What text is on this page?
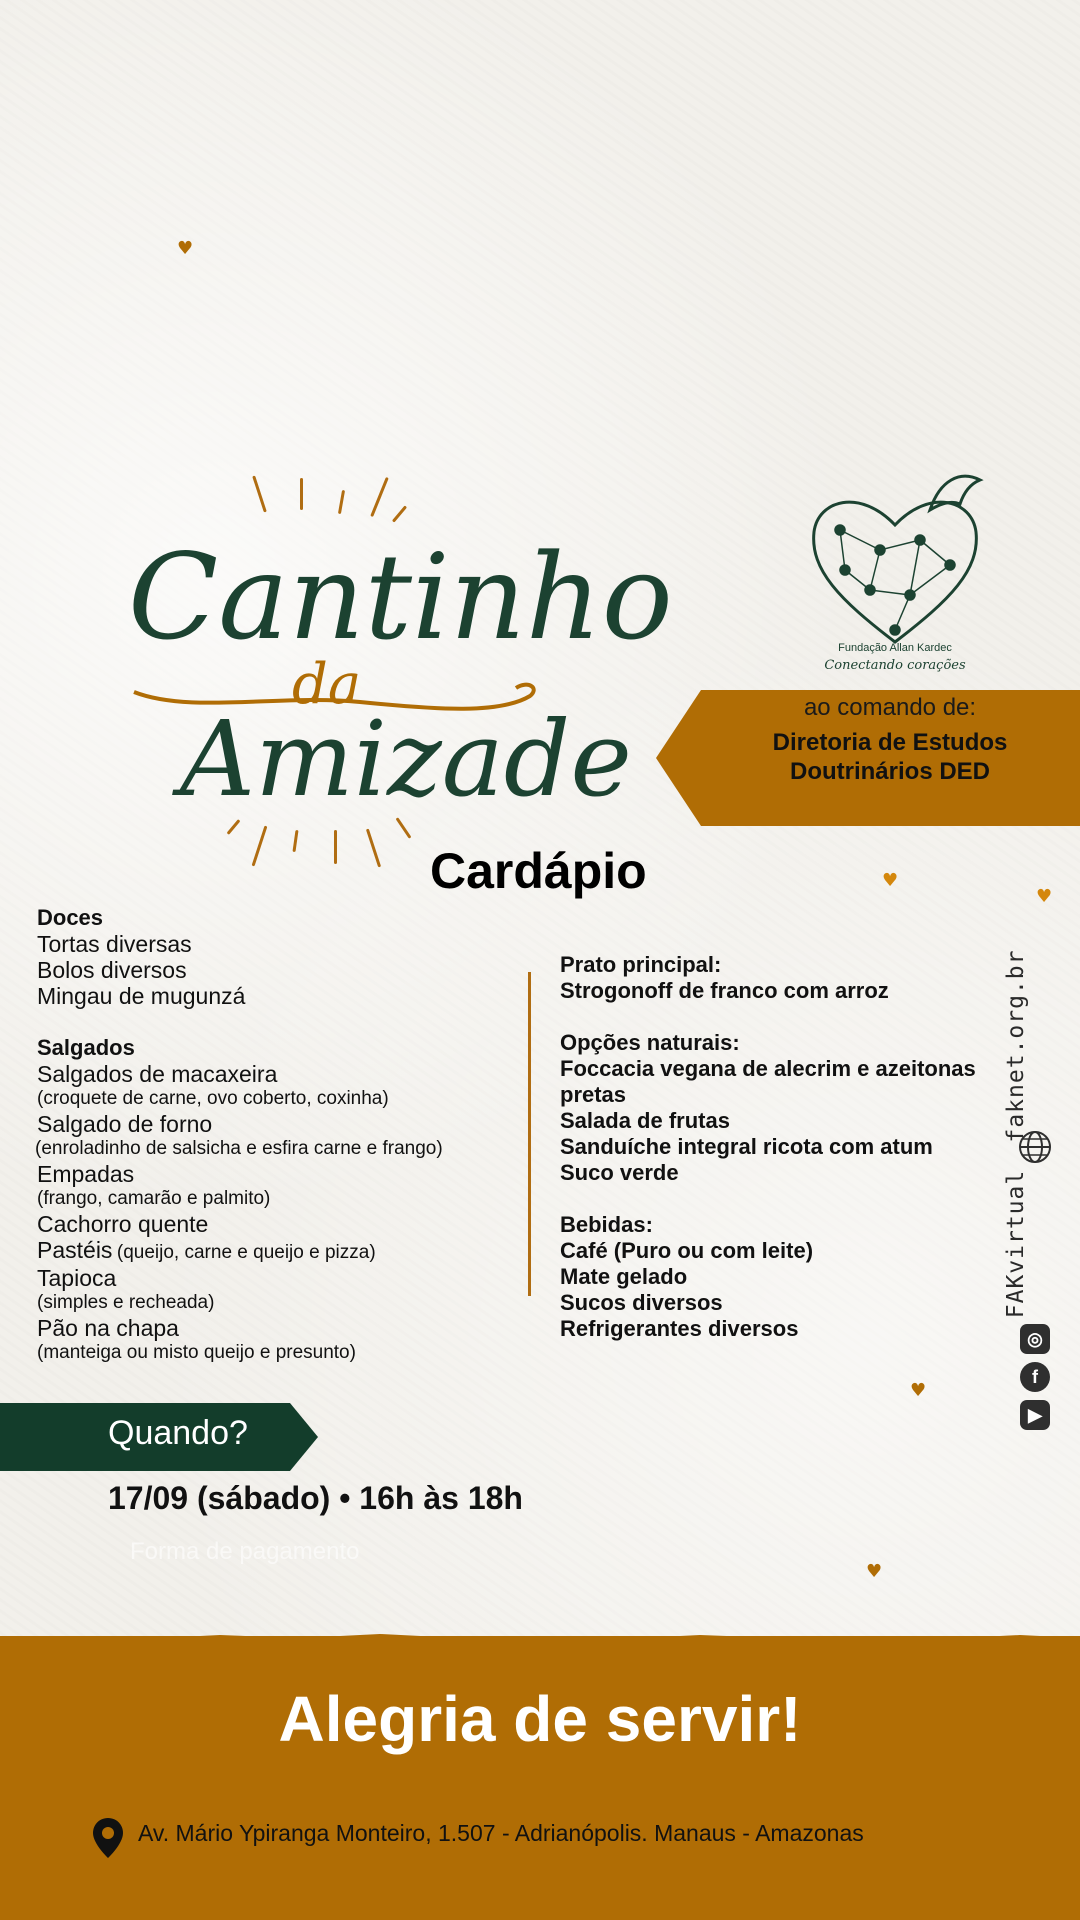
♥
♥
♥
♥
♥
Cantinho
da
Amizade
Fundação Allan Kardec
Conectando corações
ao comando de:
Diretoria de Estudos Doutrinários DED
Cardápio
Doces
Tortas diversas
Bolos diversos
Mingau de mugunzá
Salgados
Salgados de macaxeira
(croquete de carne, ovo coberto, coxinha)
Salgado de forno
(enroladinho de salsicha e esfira carne e frango)
Empadas
(frango, camarão e palmito)
Cachorro quente
Pastéis (queijo, carne e queijo e pizza)
Tapioca
(simples e recheada)
Pão na chapa
(manteiga ou misto queijo e presunto)
Prato principal:
Strogonoff de franco com arroz
Opções naturais:
Foccacia vegana de alecrim e azeitonas pretas
Salada de frutas
Sanduíche integral ricota com atum
Suco verde
Bebidas:
Café (Puro ou com leite)
Mate gelado
Sucos diversos
Refrigerantes diversos
faknet.org.br
FAKvirtual
◎
f
▶
Quando?
17/09 (sábado) • 16h às 18h
Forma de pagamento
Alegria de servir!
Av. Mário Ypiranga Monteiro, 1.507 - Adrianópolis. Manaus - Amazonas
